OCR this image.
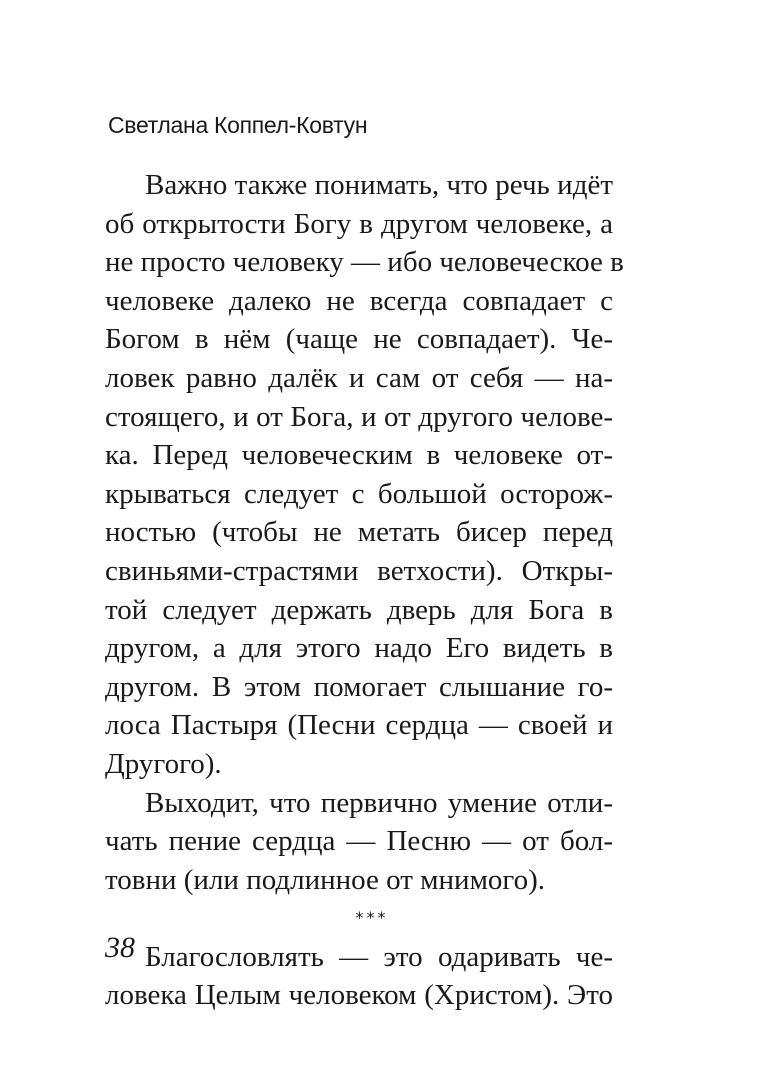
Светлана Коппел-Ковтун
Важно также понимать, что речь идёт
об открытости Богу в другом человеке, а
не просто человеку — ибо человеческое в
человеке далеко не всегда совпадает с
Богом в нём (чаще не совпадает). Че-
ловек равно далёк и сам от себя — на-
стоящего, и от Бога, и от другого челове-
ка. Перед человеческим в человеке от-
крываться следует с большой осторож-
ностью (чтобы не метать бисер перед
свиньями-страстями ветхости). Откры-
той следует держать дверь для Бога в
другом, а для этого надо Его видеть в
другом. В этом помогает слышание го-
лоса Пастыря (Песни сердца — своей и
Другого).
Выходит, что первично умение отли-
чать пение сердца — Песню — от бол-
товни (или подлинное от мнимого).
***
Благословлять — это одаривать че-
ловека Целым человеком (Христом). Это
38
